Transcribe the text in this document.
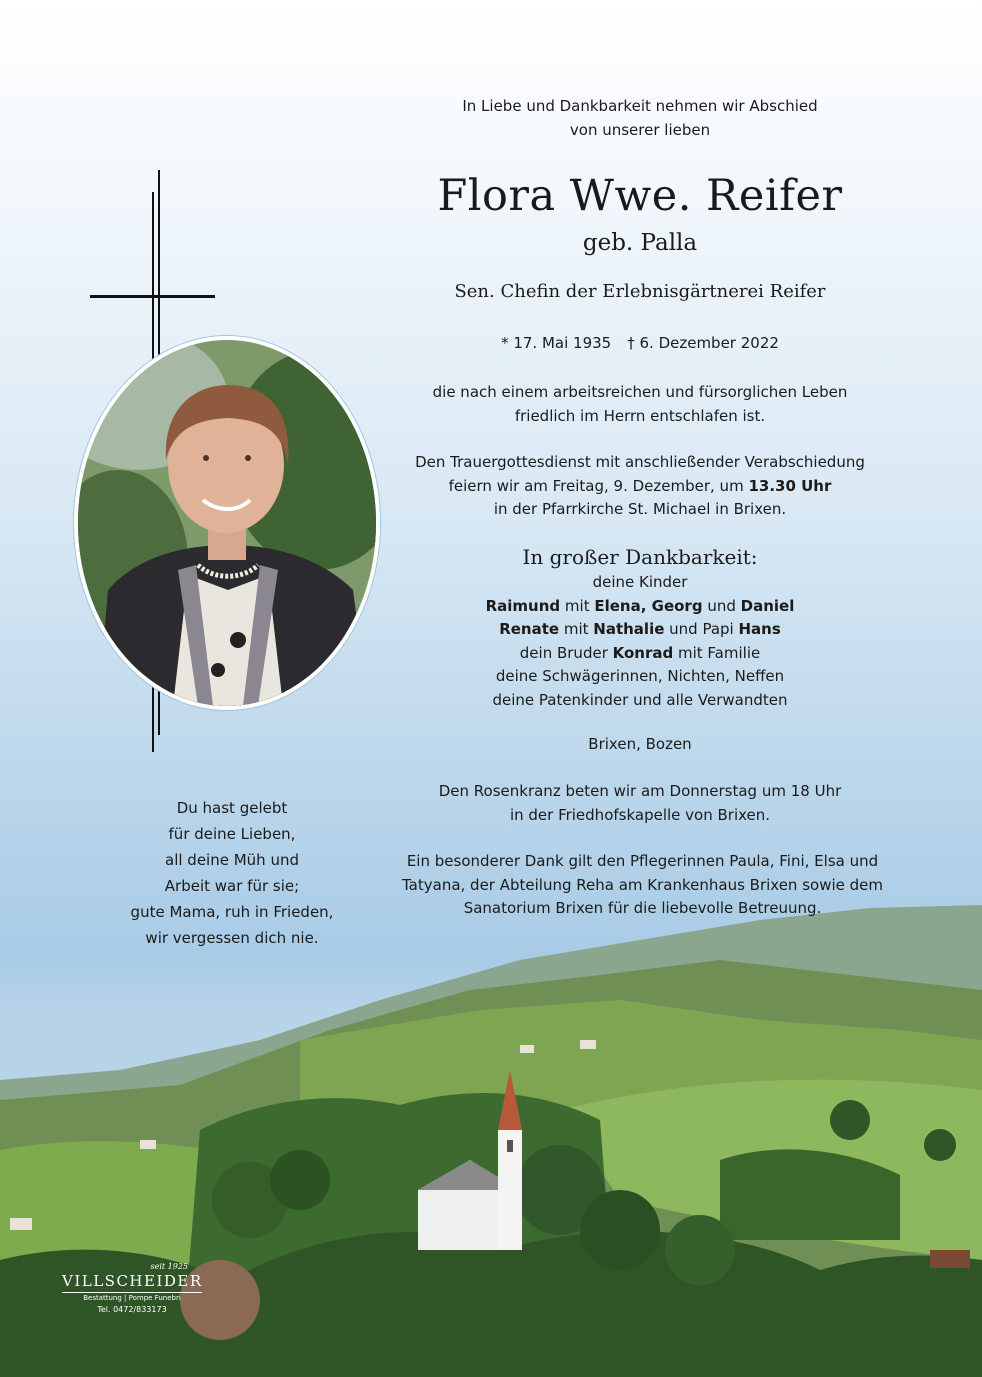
In Liebe und Dankbarkeit nehmen wir Abschied
von unserer lieben
Flora Wwe. Reifer
geb. Palla
Sen. Chefin der Erlebnisgärtnerei Reifer
* 17. Mai 1935 † 6. Dezember 2022
die nach einem arbeitsreichen und fürsorglichen Leben
friedlich im Herrn entschlafen ist.
Den Trauergottesdienst mit anschließender Verabschiedung
feiern wir am Freitag, 9. Dezember, um 13.30 Uhr
in der Pfarrkirche St. Michael in Brixen.
In großer Dankbarkeit:
deine Kinder
Raimund mit Elena, Georg und Daniel
Renate mit Nathalie und Papi Hans
dein Bruder Konrad mit Familie
deine Schwägerinnen, Nichten, Neffen
deine Patenkinder und alle Verwandten
Brixen, Bozen
Den Rosenkranz beten wir am Donnerstag um 18 Uhr
in der Friedhofskapelle von Brixen.
Ein besonderer Dank gilt den Pflegerinnen Paula, Fini, Elsa und
Tatyana, der Abteilung Reha am Krankenhaus Brixen sowie dem
Sanatorium Brixen für die liebevolle Betreuung.
Du hast gelebt
für deine Lieben,
all deine Müh und
Arbeit war für sie;
gute Mama, ruh in Frieden,
wir vergessen dich nie.
seit 1925
VILLSCHEIDER
Bestattung | Pompe Funebri
Tel. 0472/833173
